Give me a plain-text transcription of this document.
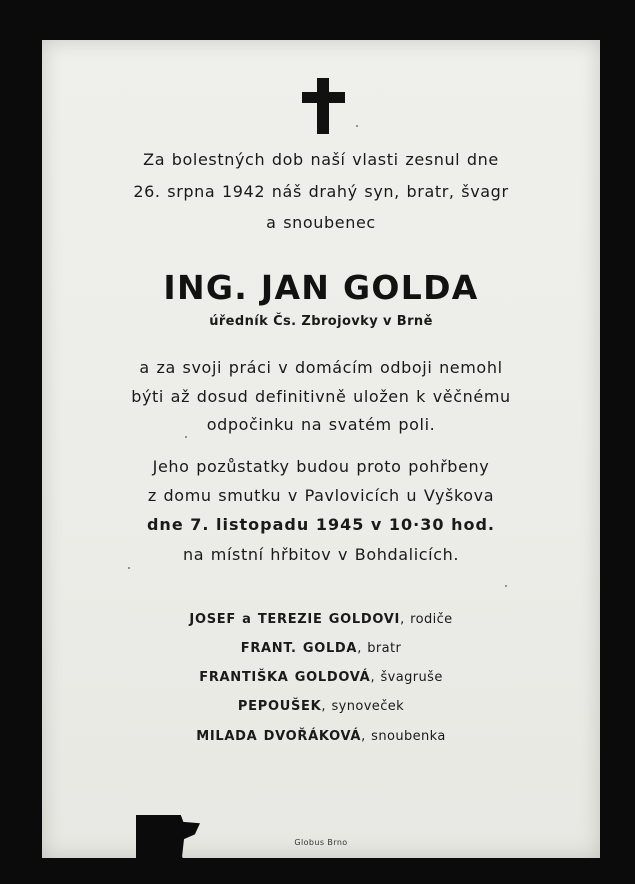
Za bolestných dob naší vlasti zesnul dne
26. srpna 1942 náš drahý syn, bratr, švagr
a snoubenec
ING. JAN GOLDA
úředník Čs. Zbrojovky v Brně
a za svoji práci v domácím odboji nemohl
býti až dosud definitivně uložen k věčnému
odpočinku na svatém poli.
Jeho pozůstatky budou proto pohřbeny
z domu smutku v Pavlovicích u Vyškova
dne 7. listopadu 1945 v 10·30 hod.
na místní hřbitov v Bohdalicích.
JOSEF a TEREZIE GOLDOVI, rodiče
FRANT. GOLDA, bratr
FRANTIŠKA GOLDOVÁ, švagruše
PEPOUŠEK, synoveček
MILADA DVOŘÁKOVÁ, snoubenka
Globus Brno
